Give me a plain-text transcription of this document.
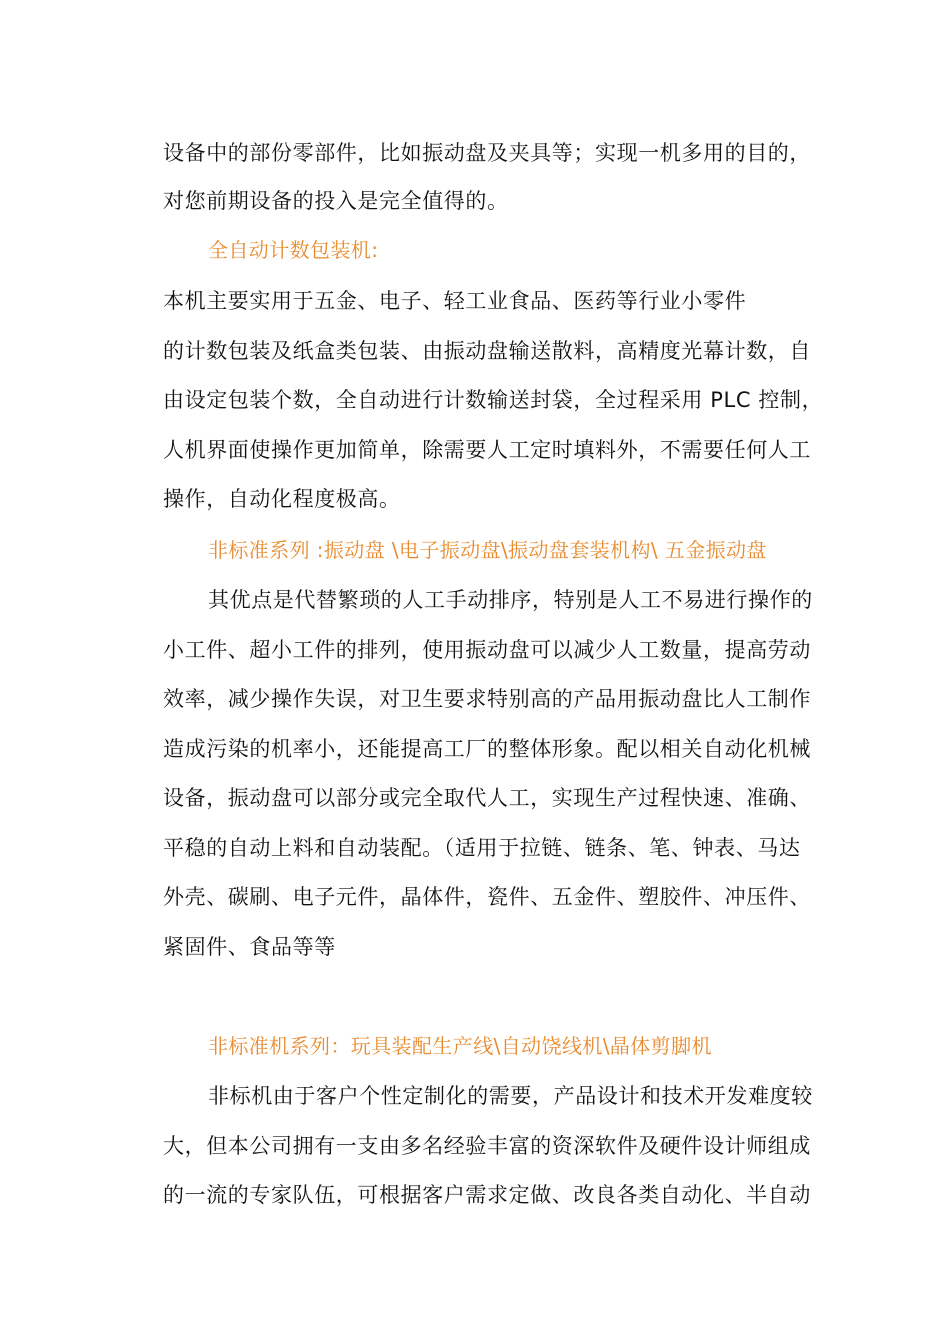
设备中的部份零部件，比如振动盘及夹具等；实现一机多用的目的，
对您前期设备的投入是完全值得的。
全自动计数包装机:
本机主要实用于五金、电子、轻工业食品、医药等行业小零件
的计数包装及纸盒类包装、由振动盘输送散料，高精度光幕计数，自
由设定包装个数，全自动进行计数输送封袋，全过程采用 PLC 控制，
人机界面使操作更加简单，除需要人工定时填料外，不需要任何人工
操作，自动化程度极高。
非标准系列 :振动盘 \电子振动盘\振动盘套装机构\ 五金振动盘
其优点是代替繁琐的人工手动排序，特别是人工不易进行操作的
小工件、超小工件的排列，使用振动盘可以减少人工数量，提高劳动
效率，减少操作失误，对卫生要求特别高的产品用振动盘比人工制作
造成污染的机率小，还能提高工厂的整体形象。配以相关自动化机械
设备，振动盘可以部分或完全取代人工，实现生产过程快速、准确、
平稳的自动上料和自动装配。（适用于拉链、链条、笔、钟表、马达
外壳、碳刷、电子元件，晶体件，瓷件、五金件、塑胶件、冲压件、
紧固件、食品等等
非标准机系列：玩具装配生产线\自动饶线机\晶体剪脚机
非标机由于客户个性定制化的需要，产品设计和技术开发难度较
大，但本公司拥有一支由多名经验丰富的资深软件及硬件设计师组成
的一流的专家队伍，可根据客户需求定做、改良各类自动化、半自动
